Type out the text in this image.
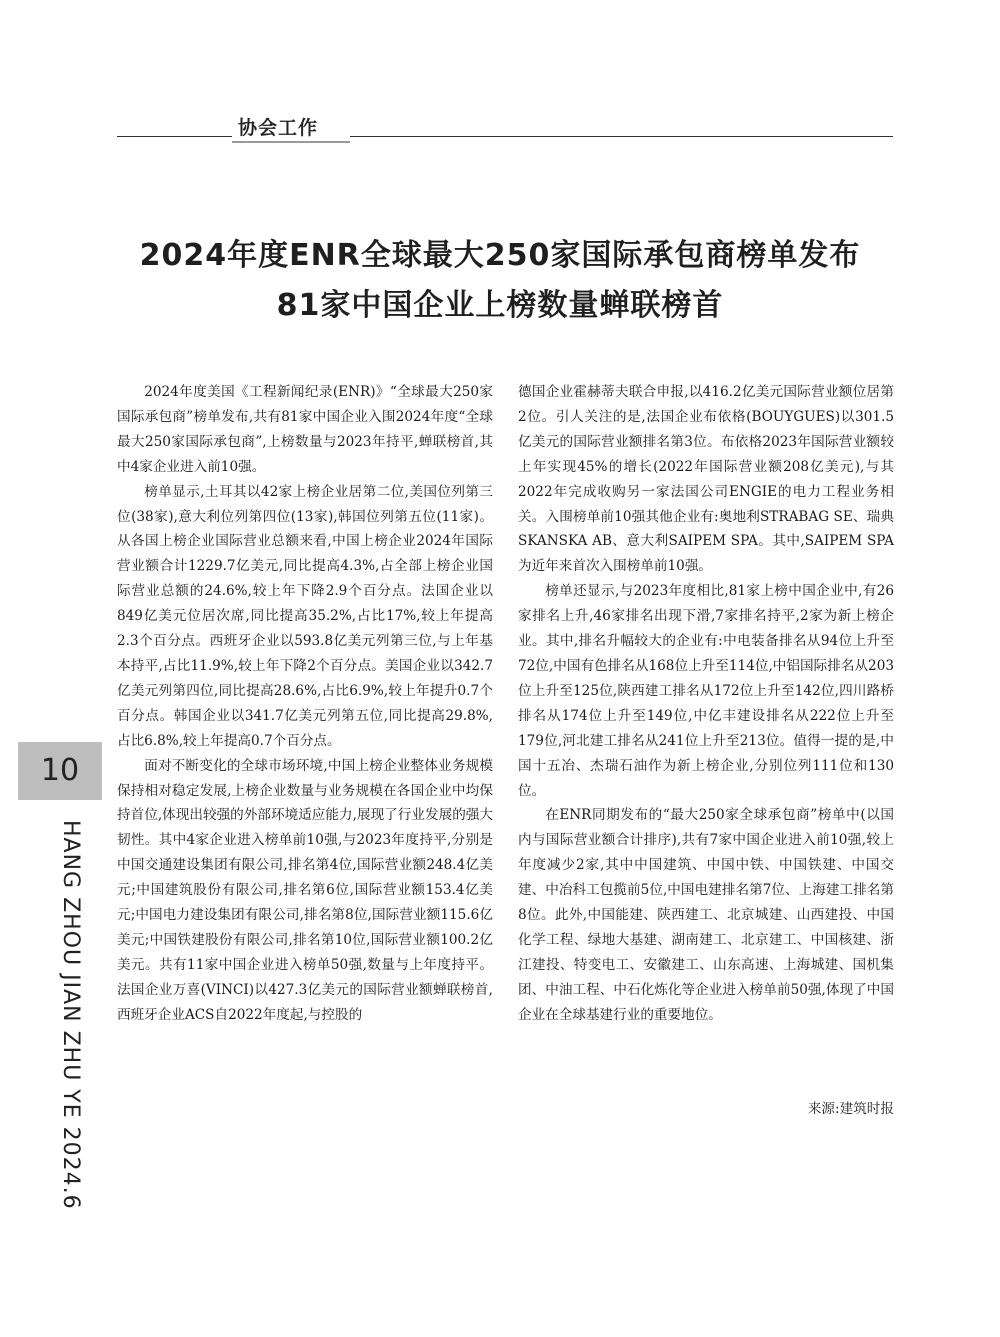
协会工作
2024年度ENR全球最大250家国际承包商榜单发布
81家中国企业上榜数量蝉联榜首

2024年度美国《工程新闻纪录(ENR)》“全球最大250家国际承包商”榜单发布,共有81家中国企业入围2024年度“全球最大250家国际承包商”,上榜数量与2023年持平,蝉联榜首,其中4家企业进入前10强。

榜单显示,土耳其以42家上榜企业居第二位,美国位列第三位(38家),意大利位列第四位(13家),韩国位列第五位(11家)。从各国上榜企业国际营业总额来看,中国上榜企业2024年国际营业额合计1229.7亿美元,同比提高4.3%,占全部上榜企业国际营业总额的24.6%,较上年下降2.9个百分点。法国企业以849亿美元位居次席,同比提高35.2%,占比17%,较上年提高2.3个百分点。西班牙企业以593.8亿美元列第三位,与上年基本持平,占比11.9%,较上年下降2个百分点。美国企业以342.7亿美元列第四位,同比提高28.6%,占比6.9%,较上年提升0.7个百分点。韩国企业以341.7亿美元列第五位,同比提高29.8%,占比6.8%,较上年提高0.7个百分点。

面对不断变化的全球市场环境,中国上榜企业整体业务规模保持相对稳定发展,上榜企业数量与业务规模在各国企业中均保持首位,体现出较强的外部环境适应能力,展现了行业发展的强大韧性。其中4家企业进入榜单前10强,与2023年度持平,分别是中国交通建设集团有限公司,排名第4位,国际营业额248.4亿美元;中国建筑股份有限公司,排名第6位,国际营业额153.4亿美元;中国电力建设集团有限公司,排名第8位,国际营业额115.6亿美元;中国铁建股份有限公司,排名第10位,国际营业额100.2亿美元。共有11家中国企业进入榜单50强,数量与上年度持平。法国企业万喜(VINCI)以427.3亿美元的国际营业额蝉联榜首,西班牙企业ACS自2022年度起,与控股的

德国企业霍赫蒂夫联合申报,以416.2亿美元国际营业额位居第2位。引人关注的是,法国企业布依格(BOUYGUES)以301.5亿美元的国际营业额排名第3位。布依格2023年国际营业额较上年实现45%的增长(2022年国际营业额208亿美元),与其2022年完成收购另一家法国公司ENGIE的电力工程业务相关。入围榜单前10强其他企业有:奥地利STRABAG SE、瑞典SKANSKA AB、意大利SAIPEM SPA。其中,SAIPEM SPA为近年来首次入围榜单前10强。

榜单还显示,与2023年度相比,81家上榜中国企业中,有26家排名上升,46家排名出现下滑,7家排名持平,2家为新上榜企业。其中,排名升幅较大的企业有:中电装备排名从94位上升至72位,中国有色排名从168位上升至114位,中铝国际排名从203位上升至125位,陕西建工排名从172位上升至142位,四川路桥排名从174位上升至149位,中亿丰建设排名从222位上升至179位,河北建工排名从241位上升至213位。值得一提的是,中国十五冶、杰瑞石油作为新上榜企业,分别位列111位和130位。

在ENR同期发布的“最大250家全球承包商”榜单中(以国内与国际营业额合计排序),共有7家中国企业进入前10强,较上年度减少2家,其中中国建筑、中国中铁、中国铁建、中国交建、中冶科工包揽前5位,中国电建排名第7位、上海建工排名第8位。此外,中国能建、陕西建工、北京城建、山西建投、中国化学工程、绿地大基建、湖南建工、北京建工、中国核建、浙江建投、特变电工、安徽建工、山东高速、上海城建、国机集团、中油工程、中石化炼化等企业进入榜单前50强,体现了中国企业在全球基建行业的重要地位。

来源:建筑时报
10
HANG ZHOU JIAN ZHU YE 2024.6
